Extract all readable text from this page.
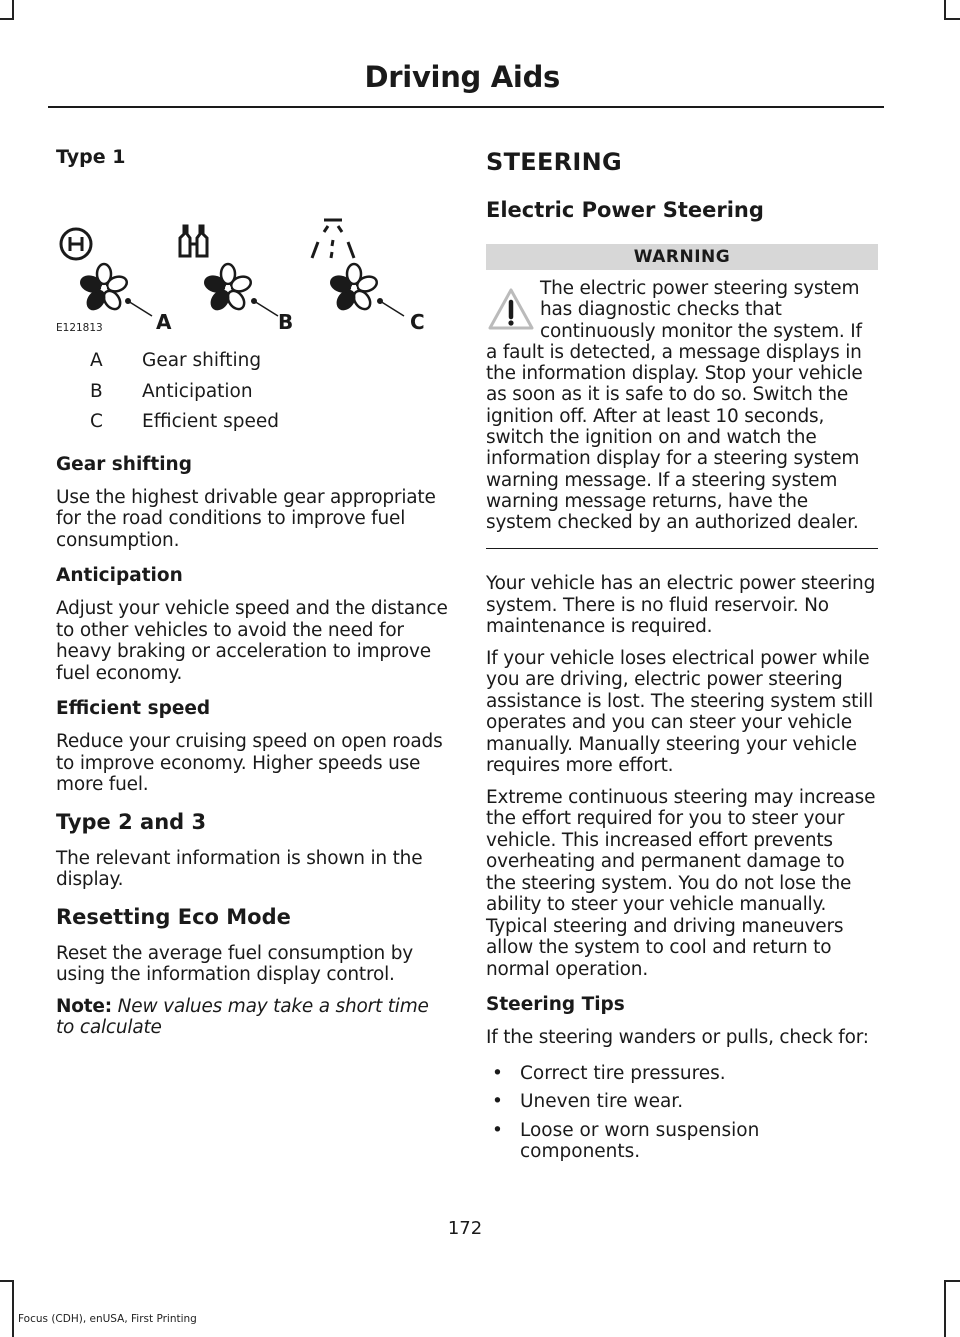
Driving Aids
Type 1
A	B	C
E121813
A	Gear shifting
B	Anticipation
C	Efficient speed
Gear shifting

Use the highest drivable gear appropriate for the road conditions to improve fuel consumption.

Anticipation

Adjust your vehicle speed and the distance to other vehicles to avoid the need for heavy braking or acceleration to improve fuel economy.

Efficient speed

Reduce your cruising speed on open roads to improve economy. Higher speeds use more fuel.

Type 2 and 3

The relevant information is shown in the display.

Resetting Eco Mode

Reset the average fuel consumption by using the information display control.

Note: New values may take a short time to calculate

STEERING
Electric Power Steering
WARNING
The electric power steering system has diagnostic checks that continuously monitor the system. If a fault is detected, a message displays in the information display. Stop your vehicle as soon as it is safe to do so. Switch the ignition off. After at least 10 seconds, switch the ignition on and watch the information display for a steering system warning message. If a steering system warning message returns, have the system checked by an authorized dealer.

Your vehicle has an electric power steering system. There is no fluid reservoir. No maintenance is required.

If your vehicle loses electrical power while you are driving, electric power steering assistance is lost. The steering system still operates and you can steer your vehicle manually. Manually steering your vehicle requires more effort.

Extreme continuous steering may increase the effort required for you to steer your vehicle. This increased effort prevents overheating and permanent damage to the steering system. You do not lose the ability to steer your vehicle manually. Typical steering and driving maneuvers allow the system to cool and return to normal operation.

Steering Tips

If the steering wanders or pulls, check for:

• Correct tire pressures.
• Uneven tire wear.
• Loose or worn suspension components.
172
Focus (CDH), enUSA, First Printing
